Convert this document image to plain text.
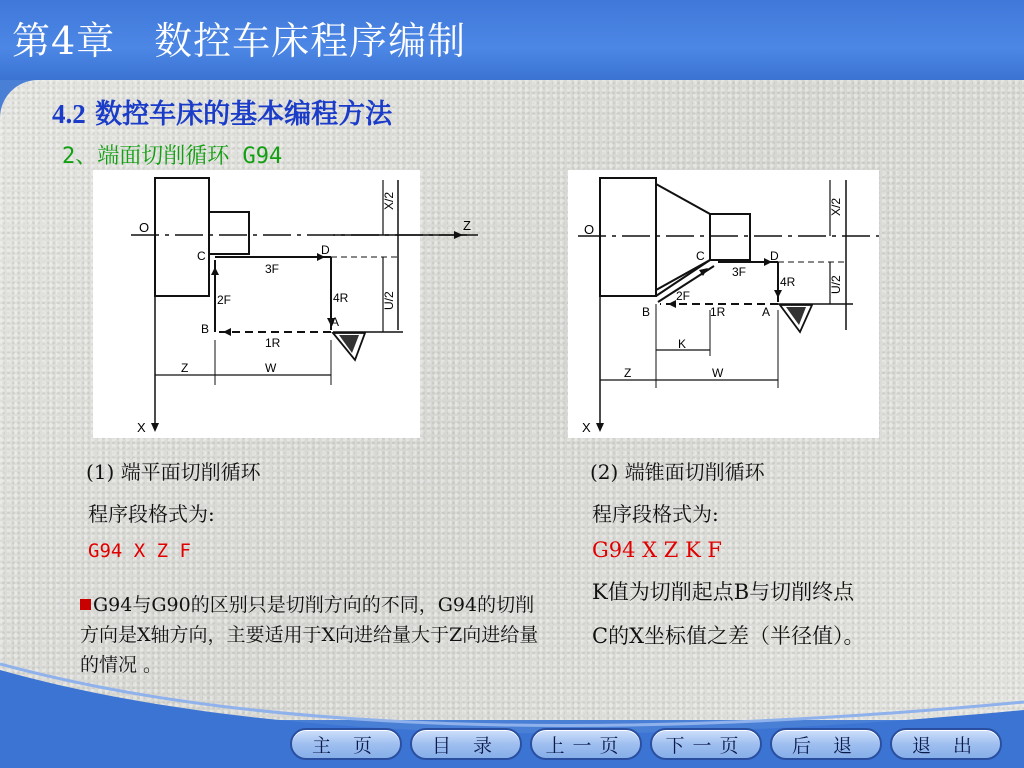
第4章　数控车床程序编制
4.2 数控车床的基本编程方法
2、端面切削循环 G94
O	Z
C	D
3F
2F	4R
B	A
1R
Z	W
X
X/2
U/2
O
C	D
3F
4R
2F
B	1R	A
K
Z	W
X
X/2
U/2
(1) 端平面切削循环
程序段格式为:
G94 X Z F
(2) 端锥面切削循环
程序段格式为:
G94 X Z K F
K值为切削起点B与切削终点
C的X坐标值之差（半径值）。
G94与G90的区别只是切削方向的不同，G94的切削方向是X轴方向，主要适用于X向进给量大于Z向进给量的情况 。
主 页	目 录	上一页	下一页	后 退	退 出
